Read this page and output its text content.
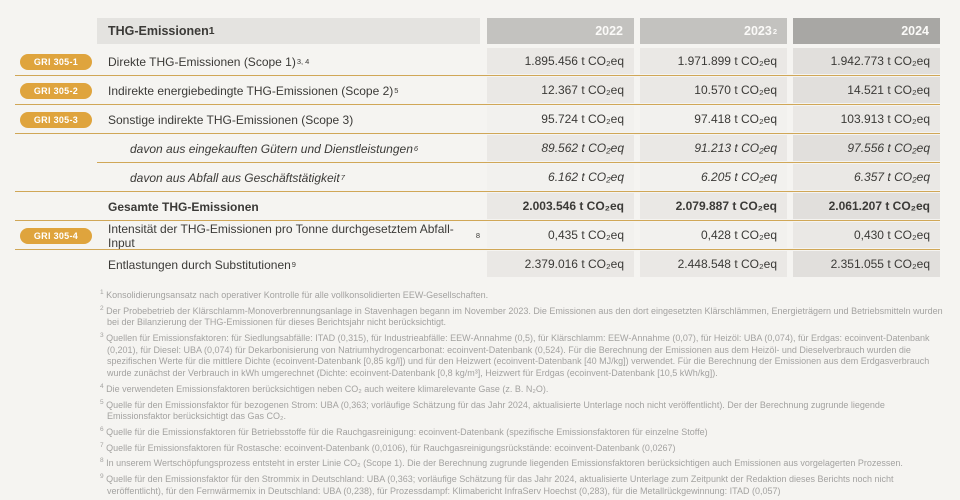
THG-Emissionen 1	2022	2023 2	2024
GRI 305-1	Direkte THG-Emissionen (Scope 1) 3, 4	1.895.456 t CO₂eq	1.971.899 t CO₂eq	1.942.773 t CO₂eq
GRI 305-2	Indirekte energiebedingte THG-Emissionen (Scope 2) 5	12.367 t CO₂eq	10.570 t CO₂eq	14.521 t CO₂eq
GRI 305-3	Sonstige indirekte THG-Emissionen (Scope 3)	95.724 t CO₂eq	97.418 t CO₂eq	103.913 t CO₂eq
davon aus eingekauften Gütern und Dienstleistungen 6	89.562 t CO₂eq	91.213 t CO₂eq	97.556 t CO₂eq
davon aus Abfall aus Geschäftstätigkeit 7	6.162 t CO₂eq	6.205 t CO₂eq	6.357 t CO₂eq
Gesamte THG-Emissionen	2.003.546 t CO₂eq	2.079.887 t CO₂eq	2.061.207 t CO₂eq
GRI 305-4	Intensität der THG-Emissionen pro Tonne durchgesetztem Abfall-Input	8	0,435 t CO₂eq	0,428 t CO₂eq	0,430 t CO₂eq
Entlastungen durch Substitutionen 9	2.379.016 t CO₂eq	2.448.548 t CO₂eq	2.351.055 t CO₂eq
$^1$ Konsolidierungsansatz nach operativer Kontrolle für alle vollkonsolidierten EEW-Gesellschaften.
$^2$ Der Probebetrieb der Klärschlamm-Monoverbrennungsanlage in Stavenhagen begann im November 2023. Die Emissionen aus den dort eingesetzten Klärschlämmen, Energieträgern und Betriebsmitteln wurden bei der Bilanzierung der THG-Emissionen für dieses Berichtsjahr nicht berücksichtigt.
$^3$ Quellen für Emissionsfaktoren: für Siedlungsabfälle: ITAD (0,315), für Industrieabfälle: EEW-Annahme (0,5), für Klärschlamm: EEW-Annahme (0,07), für Heizöl: UBA (0,074), für Erdgas: ecoinvent-Datenbank (0,201), für Diesel: UBA (0,074) für Dekarbonisierung von Natriumhydrogencarbonat: ecoinvent-Datenbank (0,524). Für die Berechnung der Emissionen aus dem Heizöl- und Dieselverbrauch wurden die spezifischen Werte für die mittlere Dichte (ecoinvent-Datenbank [0,85 kg/l]) und für den Heizwert (ecoinvent-Datenbank [40 MJ/kg]) verwendet. Für die Berechnung der Emissionen aus dem Erdgasverbrauch wurde zunächst der Verbrauch in kWh umgerechnet (Dichte: ecoinvent-Datenbank [0,8 kg/m³], Heizwert für Erdgas (ecoinvent-Datenbank [10,5 kWh/kg]).
$^4$ Die verwendeten Emissionsfaktoren berücksichtigen neben CO₂ auch weitere klimarelevante Gase (z. B. N₂O).
$^5$ Quelle für den Emissionsfaktor für bezogenen Strom: UBA (0,363; vorläufige Schätzung für das Jahr 2024, aktualisierte Unterlage noch nicht veröffentlicht). Der der Berechnung zugrunde liegende Emissionsfaktor berücksichtigt das Gas CO₂.
$^6$ Quelle für die Emissionsfaktoren für Betriebsstoffe für die Rauchgasreinigung: ecoinvent-Datenbank (spezifische Emissionsfaktoren für einzelne Stoffe)
$^7$ Quelle für Emissionsfaktoren für Rostasche: ecoinvent-Datenbank (0,0106), für Rauchgasreinigungsrückstände: ecoinvent-Datenbank (0,0267)
$^8$ In unserem Wertschöpfungsprozess entsteht in erster Linie CO₂ (Scope 1). Die der Berechnung zugrunde liegenden Emissionsfaktoren berücksichtigen auch Emissionen aus vorgelagerten Prozessen.
$^9$ Quelle für den Emissionsfaktor für den Strommix in Deutschland: UBA (0,363; vorläufige Schätzung für das Jahr 2024, aktualisierte Unterlage zum Zeitpunkt der Redaktion dieses Berichts noch nicht veröffentlicht), für den Fernwärmemix in Deutschland: UBA (0,238), für Prozessdampf: Klimabericht InfraServ Hoechst (0,283), für die Metallrückgewinnung: ITAD (0,057)
